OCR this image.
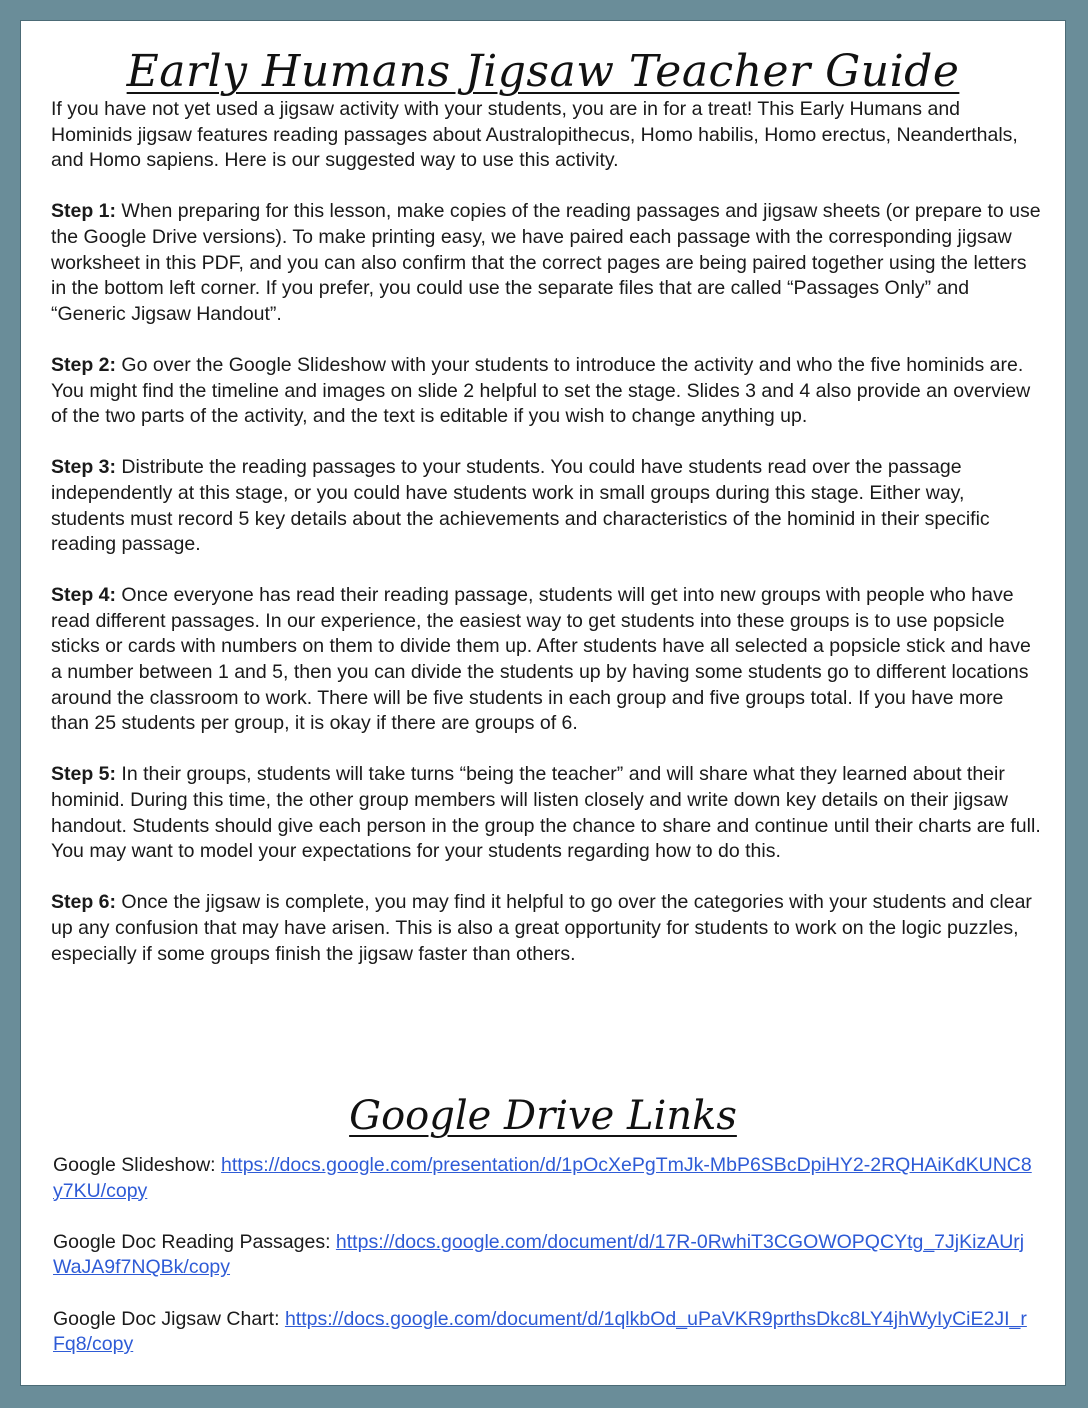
Early Humans Jigsaw Teacher Guide

If you have not yet used a jigsaw activity with your students, you are in for a treat! This Early Humans and Hominids jigsaw features reading passages about Australopithecus, Homo habilis, Homo erectus, Neanderthals, and Homo sapiens. Here is our suggested way to use this activity.

Step 1: When preparing for this lesson, make copies of the reading passages and jigsaw sheets (or prepare to use the Google Drive versions). To make printing easy, we have paired each passage with the corresponding jigsaw worksheet in this PDF, and you can also confirm that the correct pages are being paired together using the letters in the bottom left corner. If you prefer, you could use the separate files that are called “Passages Only” and “Generic Jigsaw Handout”.

Step 2: Go over the Google Slideshow with your students to introduce the activity and who the five hominids are. You might find the timeline and images on slide 2 helpful to set the stage. Slides 3 and 4 also provide an overview of the two parts of the activity, and the text is editable if you wish to change anything up.

Step 3: Distribute the reading passages to your students. You could have students read over the passage independently at this stage, or you could have students work in small groups during this stage. Either way, students must record 5 key details about the achievements and characteristics of the hominid in their specific reading passage.

Step 4: Once everyone has read their reading passage, students will get into new groups with people who have read different passages. In our experience, the easiest way to get students into these groups is to use popsicle sticks or cards with numbers on them to divide them up. After students have all selected a popsicle stick and have a number between 1 and 5, then you can divide the students up by having some students go to different locations around the classroom to work. There will be five students in each group and five groups total. If you have more than 25 students per group, it is okay if there are groups of 6.

Step 5: In their groups, students will take turns “being the teacher” and will share what they learned about their hominid. During this time, the other group members will listen closely and write down key details on their jigsaw handout. Students should give each person in the group the chance to share and continue until their charts are full. You may want to model your expectations for your students regarding how to do this.

Step 6: Once the jigsaw is complete, you may find it helpful to go over the categories with your students and clear up any confusion that may have arisen. This is also a great opportunity for students to work on the logic puzzles, especially if some groups finish the jigsaw faster than others.

Google Drive Links
Google Slideshow: https://docs.google.com/presentation/d/1pOcXePgTmJk-MbP6SBcDpiHY2-2RQHAiKdKUNC8y7KU/copy
Google Doc Reading Passages: https://docs.google.com/document/d/17R-0RwhiT3CGOWOPQCYtg_7JjKizAUrjWaJA9f7NQBk/copy
Google Doc Jigsaw Chart: https://docs.google.com/document/d/1qlkbOd_uPaVKR9prthsDkc8LY4jhWyIyCiE2JI_rFq8/copy
